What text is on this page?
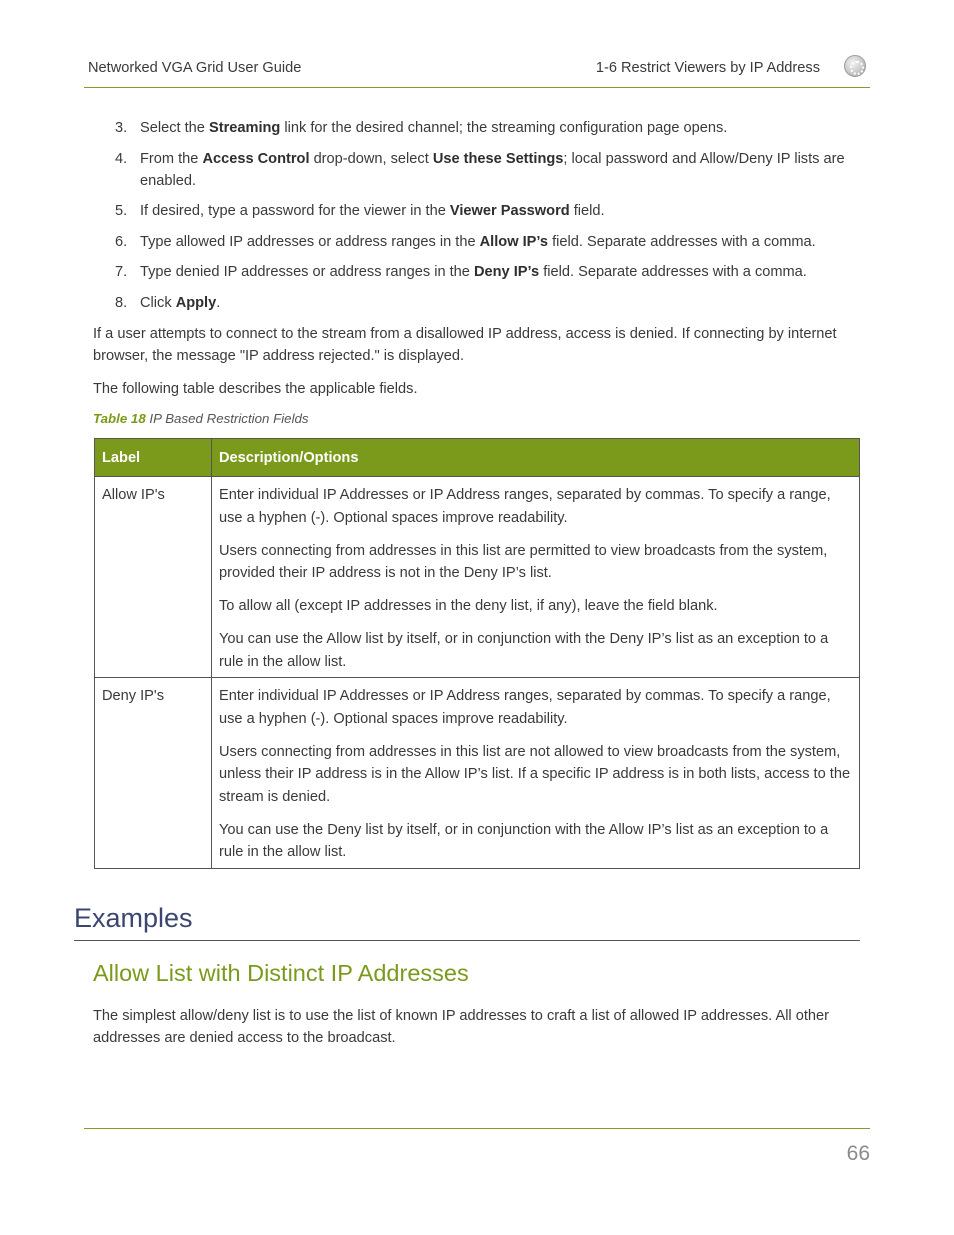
Networked VGA Grid User Guide	1-6 Restrict Viewers by IP Address
3. Select the Streaming link for the desired channel; the streaming configuration page opens.
4. From the Access Control drop-down, select Use these Settings; local password and Allow/Deny IP lists are enabled.
5. If desired, type a password for the viewer in the Viewer Password field.
6. Type allowed IP addresses or address ranges in the Allow IP’s field. Separate addresses with a comma.
7. Type denied IP addresses or address ranges in the Deny IP’s field. Separate addresses with a comma.
8. Click Apply.

If a user attempts to connect to the stream from a disallowed IP address, access is denied. If connecting by internet browser, the message "IP address rejected." is displayed.

The following table describes the applicable fields.

Table 18 IP Based Restriction Fields
Label	Description/Options
Allow IP's	Enter individual IP Addresses or IP Address ranges, separated by commas. To specify a range, use a hyphen (-). Optional spaces improve readability.

Users connecting from addresses in this list are permitted to view broadcasts from the system, provided their IP address is not in the Deny IP’s list.

To allow all (except IP addresses in the deny list, if any), leave the field blank.

You can use the Allow list by itself, or in conjunction with the Deny IP’s list as an exception to a rule in the allow list.

Deny IP's	Enter individual IP Addresses or IP Address ranges, separated by commas. To specify a range, use a hyphen (-). Optional spaces improve readability.

Users connecting from addresses in this list are not allowed to view broadcasts from the system, unless their IP address is in the Allow IP’s list. If a specific IP address is in both lists, access to the stream is denied.

You can use the Deny list by itself, or in conjunction with the Allow IP’s list as an exception to a rule in the allow list.

Examples
Allow List with Distinct IP Addresses

The simplest allow/deny list is to use the list of known IP addresses to craft a list of allowed IP addresses. All other addresses are denied access to the broadcast.

66
